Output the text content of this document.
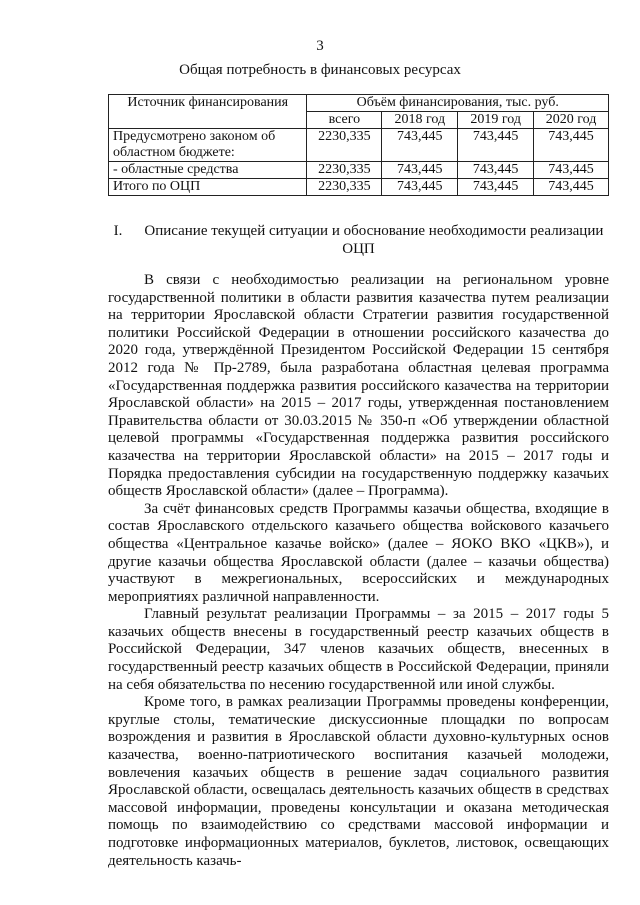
3
Общая потребность в финансовых ресурсах
Источник финансирования	Объём финансирования, тыс. руб.			
	всего	2018 год	2019 год	2020 год
Предусмотрено законом об областном бюджете:	2230,335	743,445	743,445	743,445
- областные средства	2230,335	743,445	743,445	743,445
Итого по ОЦП	2230,335	743,445	743,445	743,445
I. Описание текущей ситуации и обоснование необходимости реализации ОЦП

В связи с необходимостью реализации на региональном уровне государственной политики в области развития казачества путем реализации на территории Ярославской области Стратегии развития государственной политики Российской Федерации в отношении российского казачества до 2020 года, утверждённой Президентом Российской Федерации 15 сентября 2012 года № Пр-2789, была разработана областная целевая программа «Государственная поддержка развития российского казачества на территории Ярославской области» на 2015 – 2017 годы, утвержденная постановлением Правительства области от 30.03.2015 № 350-п «Об утверждении областной целевой программы «Государственная поддержка развития российского казачества на территории Ярославской области» на 2015 – 2017 годы и Порядка предоставления субсидии на государственную поддержку казачьих обществ Ярославской области» (далее – Программа).

За счёт финансовых средств Программы казачьи общества, входящие в состав Ярославского отдельского казачьего общества войскового казачьего общества «Центральное казачье войско» (далее – ЯОКО ВКО «ЦКВ»), и другие казачьи общества Ярославской области (далее – казачьи общества) участвуют в межрегиональных, всероссийских и международных мероприятиях различной направленности.

Главный результат реализации Программы – за 2015 – 2017 годы 5 казачьих обществ внесены в государственный реестр казачьих обществ в Российской Федерации, 347 членов казачьих обществ, внесенных в государственный реестр казачьих обществ в Российской Федерации, приняли на себя обязательства по несению государственной или иной службы.

Кроме того, в рамках реализации Программы проведены конференции, круглые столы, тематические дискуссионные площадки по вопросам возрождения и развития в Ярославской области духовно-культурных основ казачества, военно-патриотического воспитания казачьей молодежи, вовлечения казачьих обществ в решение задач социального развития Ярославской области, освещалась деятельность казачьих обществ в средствах массовой информации, проведены консультации и оказана методическая помощь по взаимодействию со средствами массовой информации и подготовке информационных материалов, буклетов, листовок, освещающих деятельность казачь-
